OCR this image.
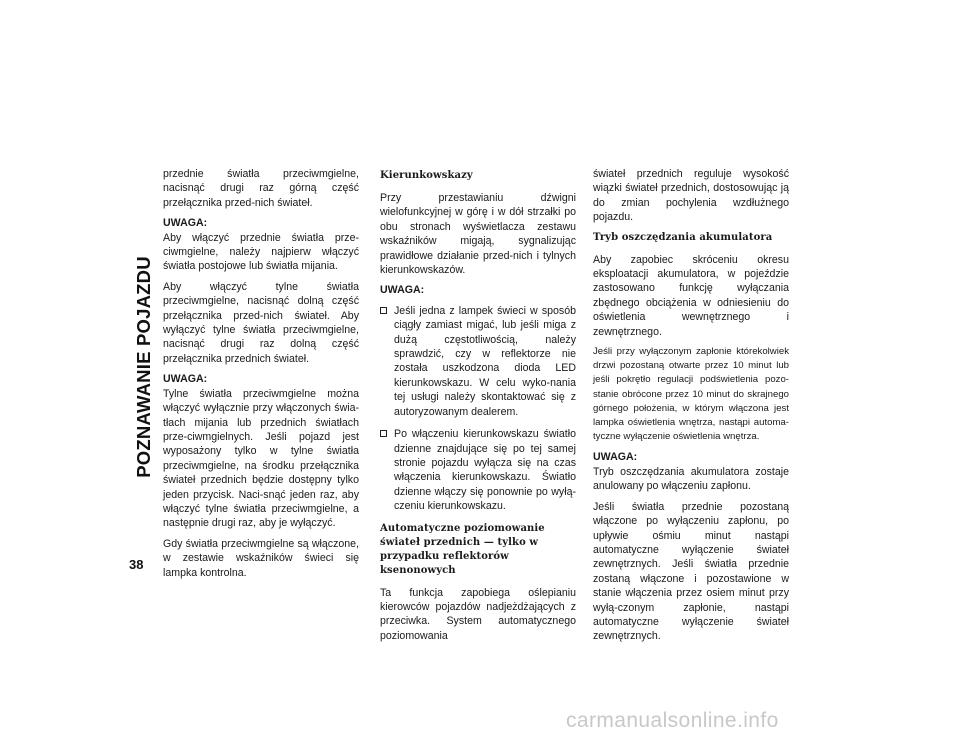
POZNAWANIE POJAZDU
38

przednie światła przeciwmgielne, nacisnąć drugi raz górną część przełącznika przed-nich świateł.

UWAGA:
Aby włączyć przednie światła prze-ciwmgielne, należy najpierw włączyć światła postojowe lub światła mijania.

Aby włączyć tylne światła przeciwmgielne, nacisnąć dolną część przełącznika przed-nich świateł. Aby wyłączyć tylne światła przeciwmgielne, nacisnąć drugi raz dolną część przełącznika przednich świateł.

UWAGA:
Tylne światła przeciwmgielne można włączyć wyłącznie przy włączonych świa-tłach mijania lub przednich światłach prze-ciwmgielnych. Jeśli pojazd jest wyposażony tylko w tylne światła przeciwmgielne, na środku przełącznika świateł przednich będzie dostępny tylko jeden przycisk. Naci-snąć jeden raz, aby włączyć tylne światła przeciwmgielne, a następnie drugi raz, aby je wyłączyć.

Gdy światła przeciwmgielne są włączone, w zestawie wskaźników świeci się lampka kontrolna.

Kierunkowskazy

Przy przestawianiu dźwigni wielofunkcyjnej w górę i w dół strzałki po obu stronach wyświetlacza zestawu wskaźników migają, sygnalizując prawidłowe działanie przed-nich i tylnych kierunkowskazów.

UWAGA:

Jeśli jedna z lampek świeci w sposób ciągły zamiast migać, lub jeśli miga z dużą częstotliwością, należy sprawdzić, czy w reflektorze nie została uszkodzona dioda LED kierunkowskazu. W celu wyko-nania tej usługi należy skontaktować się z autoryzowanym dealerem.
Po włączeniu kierunkowskazu światło dzienne znajdujące się po tej samej stronie pojazdu wyłącza się na czas włączenia kierunkowskazu. Światło dzienne włączy się ponownie po wyłą-czeniu kierunkowskazu.
Automatyczne poziomowanie świateł przednich — tylko w przypadku reflektorów ksenonowych

Ta funkcja zapobiega oślepianiu kierowców pojazdów nadjeżdżających z przeciwka. System automatycznego poziomowania

świateł przednich reguluje wysokość wiązki świateł przednich, dostosowując ją do zmian pochylenia wzdłużnego pojazdu.

Tryb oszczędzania akumulatora

Aby zapobiec skróceniu okresu eksploatacji akumulatora, w pojeździe zastosowano funkcję wyłączania zbędnego obciążenia w odniesieniu do oświetlenia wewnętrznego i zewnętrznego.

Jeśli przy wyłączonym zapłonie którekolwiek drzwi pozostaną otwarte przez 10 minut lub jeśli pokrętło regulacji podświetlenia pozo-stanie obrócone przez 10 minut do skrajnego górnego położenia, w którym włączona jest lampka oświetlenia wnętrza, nastąpi automa-tyczne wyłączenie oświetlenia wnętrza.

UWAGA:
Tryb oszczędzania akumulatora zostaje anulowany po włączeniu zapłonu.

Jeśli światła przednie pozostaną włączone po wyłączeniu zapłonu, po upływie ośmiu minut nastąpi automatyczne wyłączenie świateł zewnętrznych. Jeśli światła przednie zostaną włączone i pozostawione w stanie włączenia przez osiem minut przy wyłą-czonym zapłonie, nastąpi automatyczne wyłączenie świateł zewnętrznych.

carmanualsonline.info
